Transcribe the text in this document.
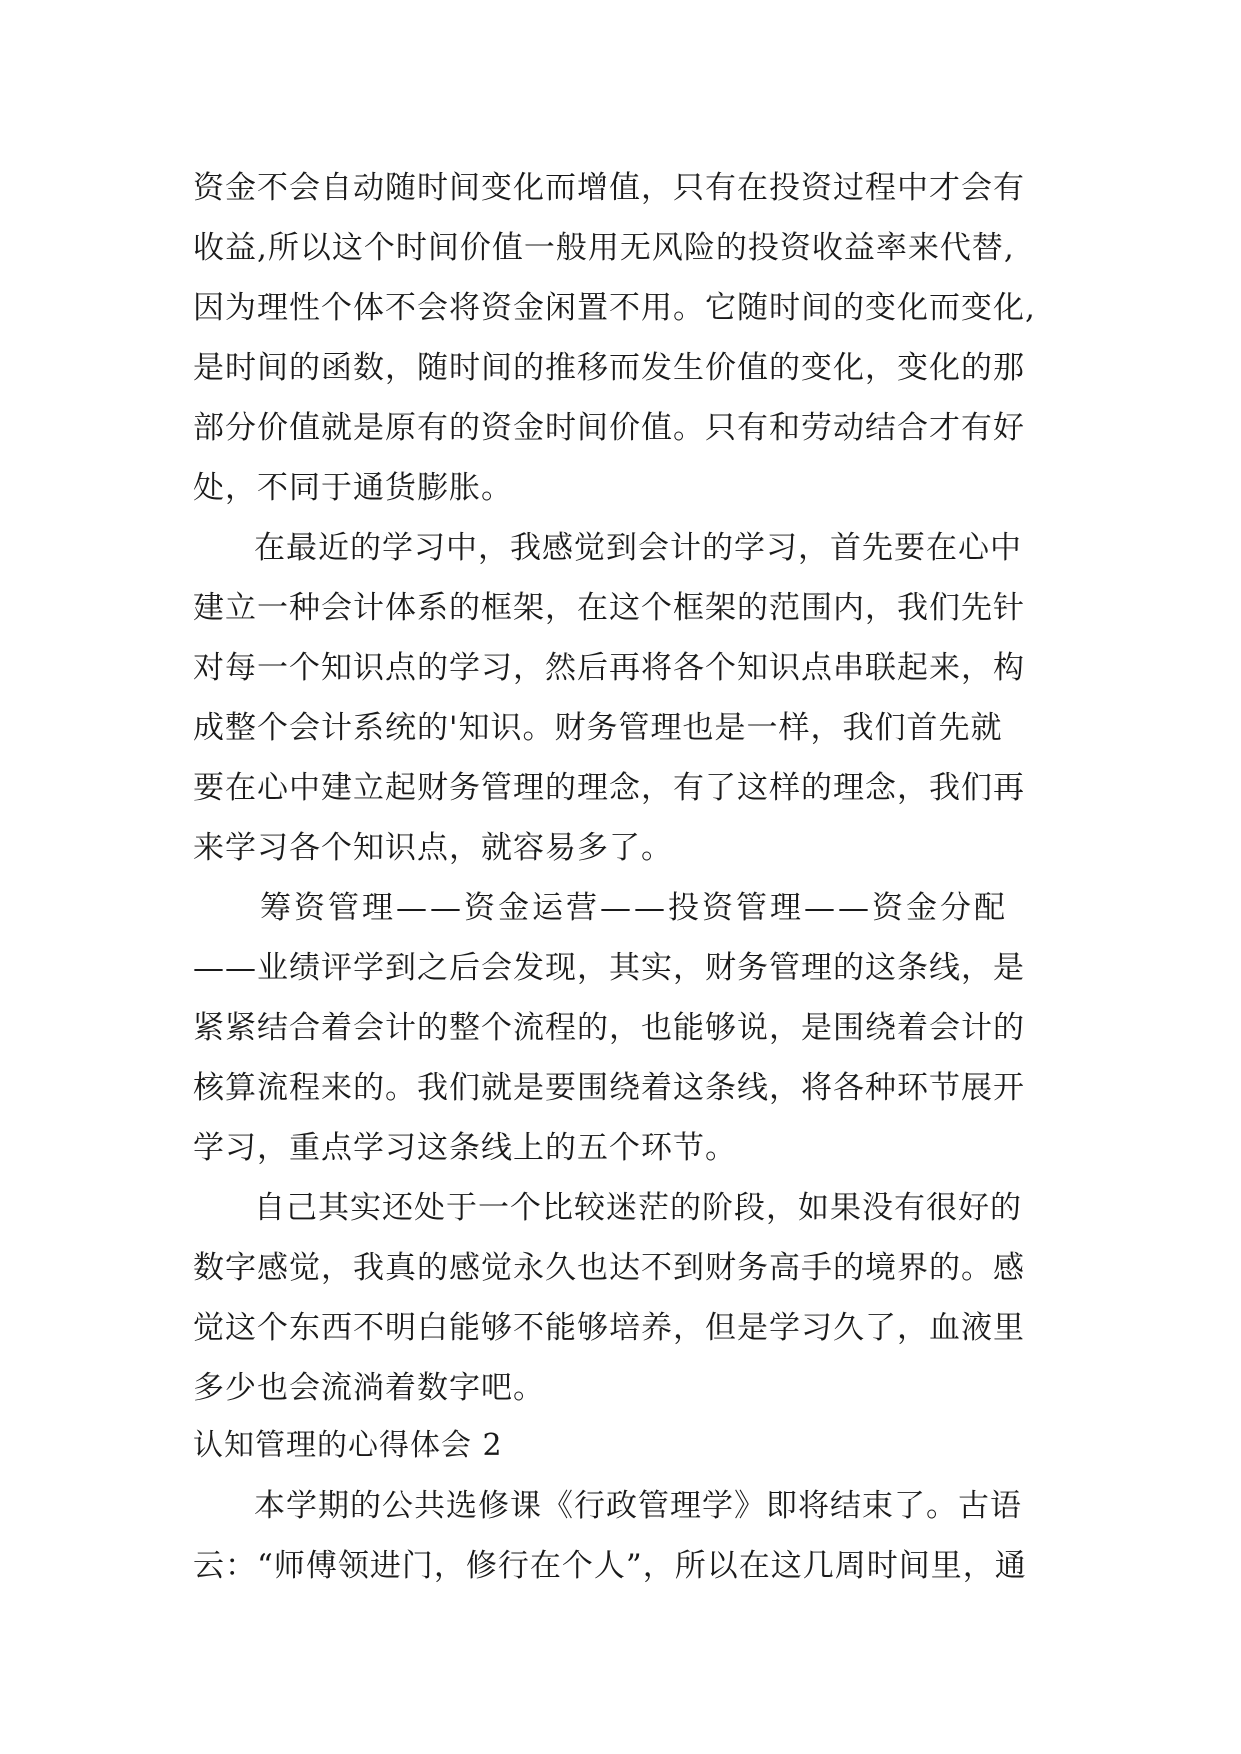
资金不会自动随时间变化而增值，只有在投资过程中才会有
收益,所以这个时间价值一般用无风险的投资收益率来代替,
因为理性个体不会将资金闲置不用。它随时间的变化而变化,
是时间的函数，随时间的推移而发生价值的变化，变化的那
部分价值就是原有的资金时间价值。只有和劳动结合才有好
处，不同于通货膨胀。
在最近的学习中，我感觉到会计的学习，首先要在心中
建立一种会计体系的框架，在这个框架的范围内，我们先针
对每一个知识点的学习，然后再将各个知识点串联起来，构
成整个会计系统的'知识。财务管理也是一样，我们首先就
要在心中建立起财务管理的理念，有了这样的理念，我们再
来学习各个知识点，就容易多了。
筹资管理——资金运营——投资管理——资金分配
——业绩评学到之后会发现，其实，财务管理的这条线，是
紧紧结合着会计的整个流程的，也能够说，是围绕着会计的
核算流程来的。我们就是要围绕着这条线，将各种环节展开
学习，重点学习这条线上的五个环节。
自己其实还处于一个比较迷茫的阶段，如果没有很好的
数字感觉，我真的感觉永久也达不到财务高手的境界的。感
觉这个东西不明白能够不能够培养，但是学习久了，血液里
多少也会流淌着数字吧。
认知管理的心得体会 2
本学期的公共选修课《行政管理学》即将结束了。古语
云：“师傅领进门，修行在个人”，所以在这几周时间里，通
